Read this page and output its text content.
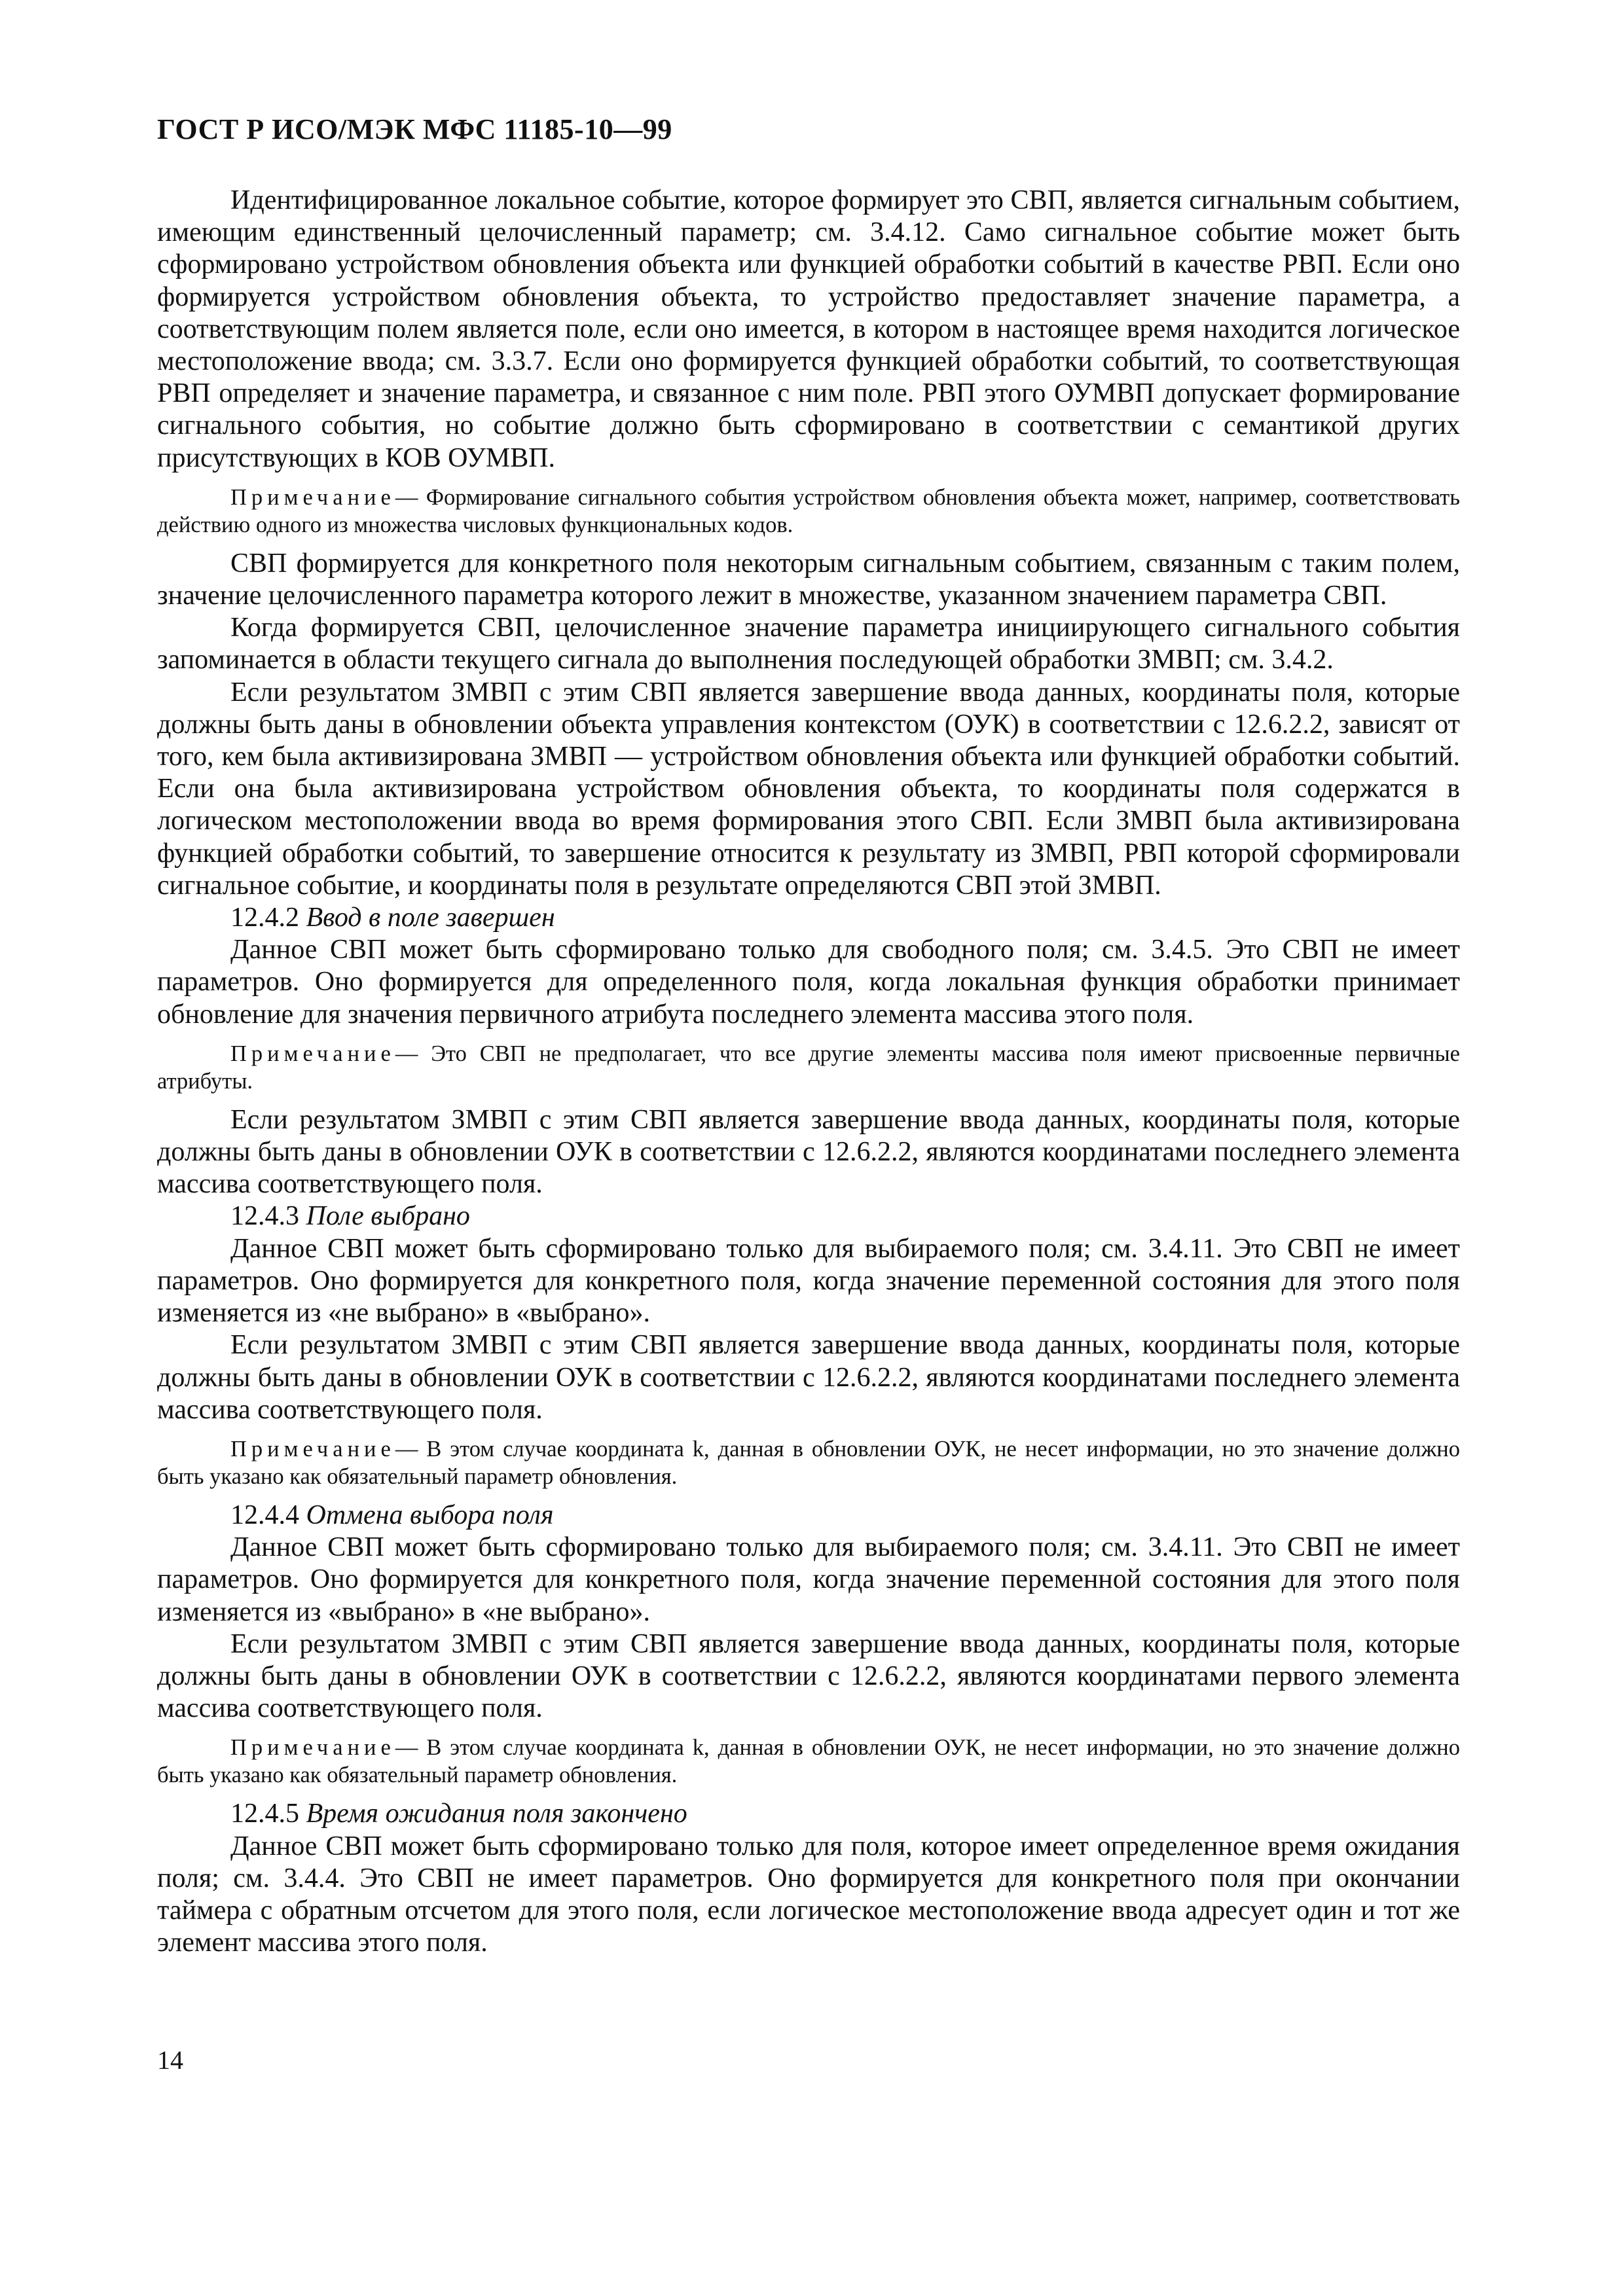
ГОСТ Р ИСО/МЭК МФС 11185-10—99

Идентифицированное локальное событие, которое формирует это СВП, является сигнальным событием, имеющим единственный целочисленный параметр; см. 3.4.12. Само сигнальное событие может быть сформировано устройством обновления объекта или функцией обработки событий в качестве РВП. Если оно формируется устройством обновления объекта, то устройство предоставляет значение параметра, а соответствующим полем является поле, если оно имеется, в котором в настоящее время находится логическое местоположение ввода; см. 3.3.7. Если оно формируется функцией обработки событий, то соответствующая РВП определяет и значение параметра, и связанное с ним поле. РВП этого ОУМВП допускает формирование сигнального события, но событие должно быть сформировано в соответствии с семантикой других присутствующих в КОВ ОУМВП.

Примечание— Формирование сигнального события устройством обновления объекта может, например, соответствовать действию одного из множества числовых функциональных кодов.

СВП формируется для конкретного поля некоторым сигнальным событием, связанным с таким полем, значение целочисленного параметра которого лежит в множестве, указанном значением параметра СВП.

Когда формируется СВП, целочисленное значение параметра инициирующего сигнального события запоминается в области текущего сигнала до выполнения последующей обработки ЗМВП; см. 3.4.2.

Если результатом ЗМВП с этим СВП является завершение ввода данных, координаты поля, которые должны быть даны в обновлении объекта управления контекстом (ОУК) в соответствии с 12.6.2.2, зависят от того, кем была активизирована ЗМВП — устройством обновления объекта или функцией обработки событий. Если она была активизирована устройством обновления объекта, то координаты поля содержатся в логическом местоположении ввода во время формирования этого СВП. Если ЗМВП была активизирована функцией обработки событий, то завершение относится к результату из ЗМВП, РВП которой сформировали сигнальное событие, и координаты поля в результате определяются СВП этой ЗМВП.

12.4.2 Ввод в поле завершен

Данное СВП может быть сформировано только для свободного поля; см. 3.4.5. Это СВП не имеет параметров. Оно формируется для определенного поля, когда локальная функция обработки принимает обновление для значения первичного атрибута последнего элемента массива этого поля.

Примечание— Это СВП не предполагает, что все другие элементы массива поля имеют присвоенные первичные атрибуты.

Если результатом ЗМВП с этим СВП является завершение ввода данных, координаты поля, которые должны быть даны в обновлении ОУК в соответствии с 12.6.2.2, являются координатами последнего элемента массива соответствующего поля.

12.4.3 Поле выбрано

Данное СВП может быть сформировано только для выбираемого поля; см. 3.4.11. Это СВП не имеет параметров. Оно формируется для конкретного поля, когда значение переменной состояния для этого поля изменяется из «не выбрано» в «выбрано».

Если результатом ЗМВП с этим СВП является завершение ввода данных, координаты поля, которые должны быть даны в обновлении ОУК в соответствии с 12.6.2.2, являются координатами последнего элемента массива соответствующего поля.

Примечание— В этом случае координата k, данная в обновлении ОУК, не несет информации, но это значение должно быть указано как обязательный параметр обновления.

12.4.4 Отмена выбора поля

Данное СВП может быть сформировано только для выбираемого поля; см. 3.4.11. Это СВП не имеет параметров. Оно формируется для конкретного поля, когда значение переменной состояния для этого поля изменяется из «выбрано» в «не выбрано».

Если результатом ЗМВП с этим СВП является завершение ввода данных, координаты поля, которые должны быть даны в обновлении ОУК в соответствии с 12.6.2.2, являются координатами первого элемента массива соответствующего поля.

Примечание— В этом случае координата k, данная в обновлении ОУК, не несет информации, но это значение должно быть указано как обязательный параметр обновления.

12.4.5 Время ожидания поля закончено

Данное СВП может быть сформировано только для поля, которое имеет определенное время ожидания поля; см. 3.4.4. Это СВП не имеет параметров. Оно формируется для конкретного поля при окончании таймера с обратным отсчетом для этого поля, если логическое местоположение ввода адресует один и тот же элемент массива этого поля.

14
